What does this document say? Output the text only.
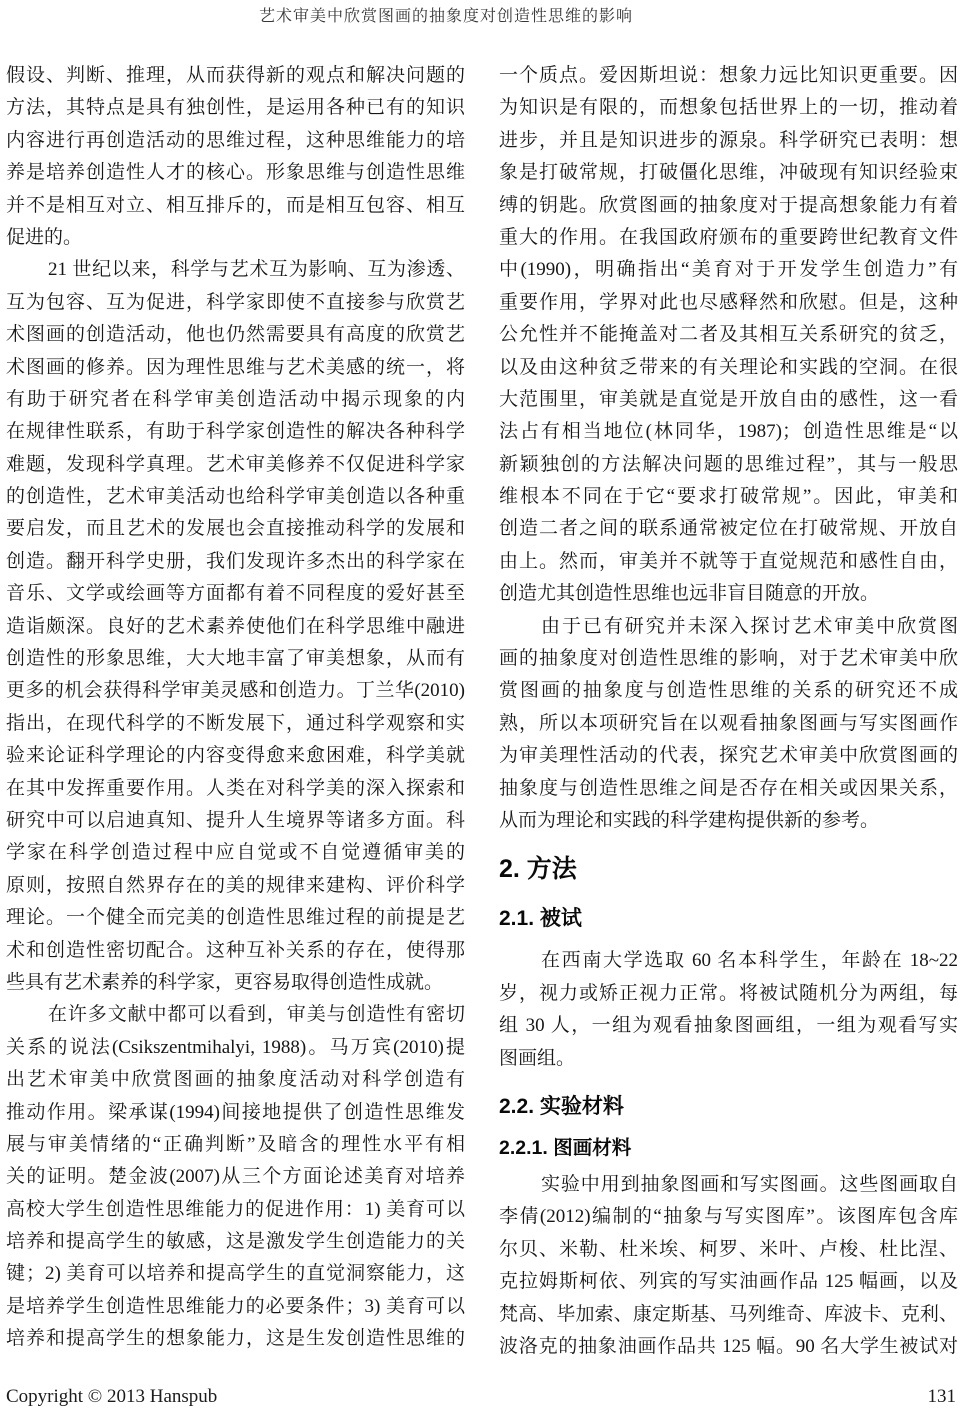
艺术审美中欣赏图画的抽象度对创造性思维的影响
假设、判断、推理，从而获得新的观点和解决问题的
方法，其特点是具有独创性，是运用各种已有的知识
内容进行再创造活动的思维过程，这种思维能力的培
养是培养创造性人才的核心。形象思维与创造性思维
并不是相互对立、相互排斥的，而是相互包容、相互
促进的。
21 世纪以来，科学与艺术互为影响、互为渗透、
互为包容、互为促进，科学家即使不直接参与欣赏艺
术图画的创造活动，他也仍然需要具有高度的欣赏艺
术图画的修养。因为理性思维与艺术美感的统一，将
有助于研究者在科学审美创造活动中揭示现象的内
在规律性联系，有助于科学家创造性的解决各种科学
难题，发现科学真理。艺术审美修养不仅促进科学家
的创造性，艺术审美活动也给科学审美创造以各种重
要启发，而且艺术的发展也会直接推动科学的发展和
创造。翻开科学史册，我们发现许多杰出的科学家在
音乐、文学或绘画等方面都有着不同程度的爱好甚至
造诣颇深。良好的艺术素养使他们在科学思维中融进
创造性的形象思维，大大地丰富了审美想象，从而有
更多的机会获得科学审美灵感和创造力。丁兰华(2010)
指出，在现代科学的不断发展下，通过科学观察和实
验来论证科学理论的内容变得愈来愈困难，科学美就
在其中发挥重要作用。人类在对科学美的深入探索和
研究中可以启迪真知、提升人生境界等诸多方面。科
学家在科学创造过程中应自觉或不自觉遵循审美的
原则，按照自然界存在的美的规律来建构、评价科学
理论。一个健全而完美的创造性思维过程的前提是艺
术和创造性密切配合。这种互补关系的存在，使得那
些具有艺术素养的科学家，更容易取得创造性成就。
在许多文献中都可以看到，审美与创造性有密切
关系的说法(Csikszentmihalyi, 1988)。马万宾(2010)提
出艺术审美中欣赏图画的抽象度活动对科学创造有
推动作用。梁承谋(1994)间接地提供了创造性思维发
展与审美情绪的“正确判断”及暗含的理性水平有相
关的证明。楚金波(2007)从三个方面论述美育对培养
高校大学生创造性思维能力的促进作用：1) 美育可以
培养和提高学生的敏感，这是激发学生创造能力的关
键；2) 美育可以培养和提高学生的直觉洞察能力，这
是培养学生创造性思维能力的必要条件；3) 美育可以
培养和提高学生的想象能力，这是生发创造性思维的
一个质点。爱因斯坦说：想象力远比知识更重要。因
为知识是有限的，而想象包括世界上的一切，推动着
进步，并且是知识进步的源泉。科学研究已表明：想
象是打破常规，打破僵化思维，冲破现有知识经验束
缚的钥匙。欣赏图画的抽象度对于提高想象能力有着
重大的作用。在我国政府颁布的重要跨世纪教育文件
中(1990)，明确指出“美育对于开发学生创造力”有
重要作用，学界对此也尽感释然和欣慰。但是，这种
公允性并不能掩盖对二者及其相互关系研究的贫乏，
以及由这种贫乏带来的有关理论和实践的空洞。在很
大范围里，审美就是直觉是开放自由的感性，这一看
法占有相当地位(林同华，1987)；创造性思维是“以
新颖独创的方法解决问题的思维过程”，其与一般思
维根本不同在于它“要求打破常规”。因此，审美和
创造二者之间的联系通常被定位在打破常规、开放自
由上。然而，审美并不就等于直觉规范和感性自由，
创造尤其创造性思维也远非盲目随意的开放。
由于已有研究并未深入探讨艺术审美中欣赏图
画的抽象度对创造性思维的影响，对于艺术审美中欣
赏图画的抽象度与创造性思维的关系的研究还不成
熟，所以本项研究旨在以观看抽象图画与写实图画作
为审美理性活动的代表，探究艺术审美中欣赏图画的
抽象度与创造性思维之间是否存在相关或因果关系，
从而为理论和实践的科学建构提供新的参考。
2. 方法
2.1. 被试
在西南大学选取 60 名本科学生，年龄在 18~22
岁，视力或矫正视力正常。将被试随机分为两组，每
组 30 人，一组为观看抽象图画组，一组为观看写实
图画组。
2.2. 实验材料
2.2.1. 图画材料
实验中用到抽象图画和写实图画。这些图画取自
李倩(2012)编制的“抽象与写实图库”。该图库包含库
尔贝、米勒、杜米埃、柯罗、米叶、卢梭、杜比涅、
克拉姆斯柯依、列宾的写实油画作品 125 幅画，以及
梵高、毕加索、康定斯基、马列维奇、库波卡、克利、
波洛克的抽象油画作品共 125 幅。90 名大学生被试对
Copyright © 2013 Hanspub	131
